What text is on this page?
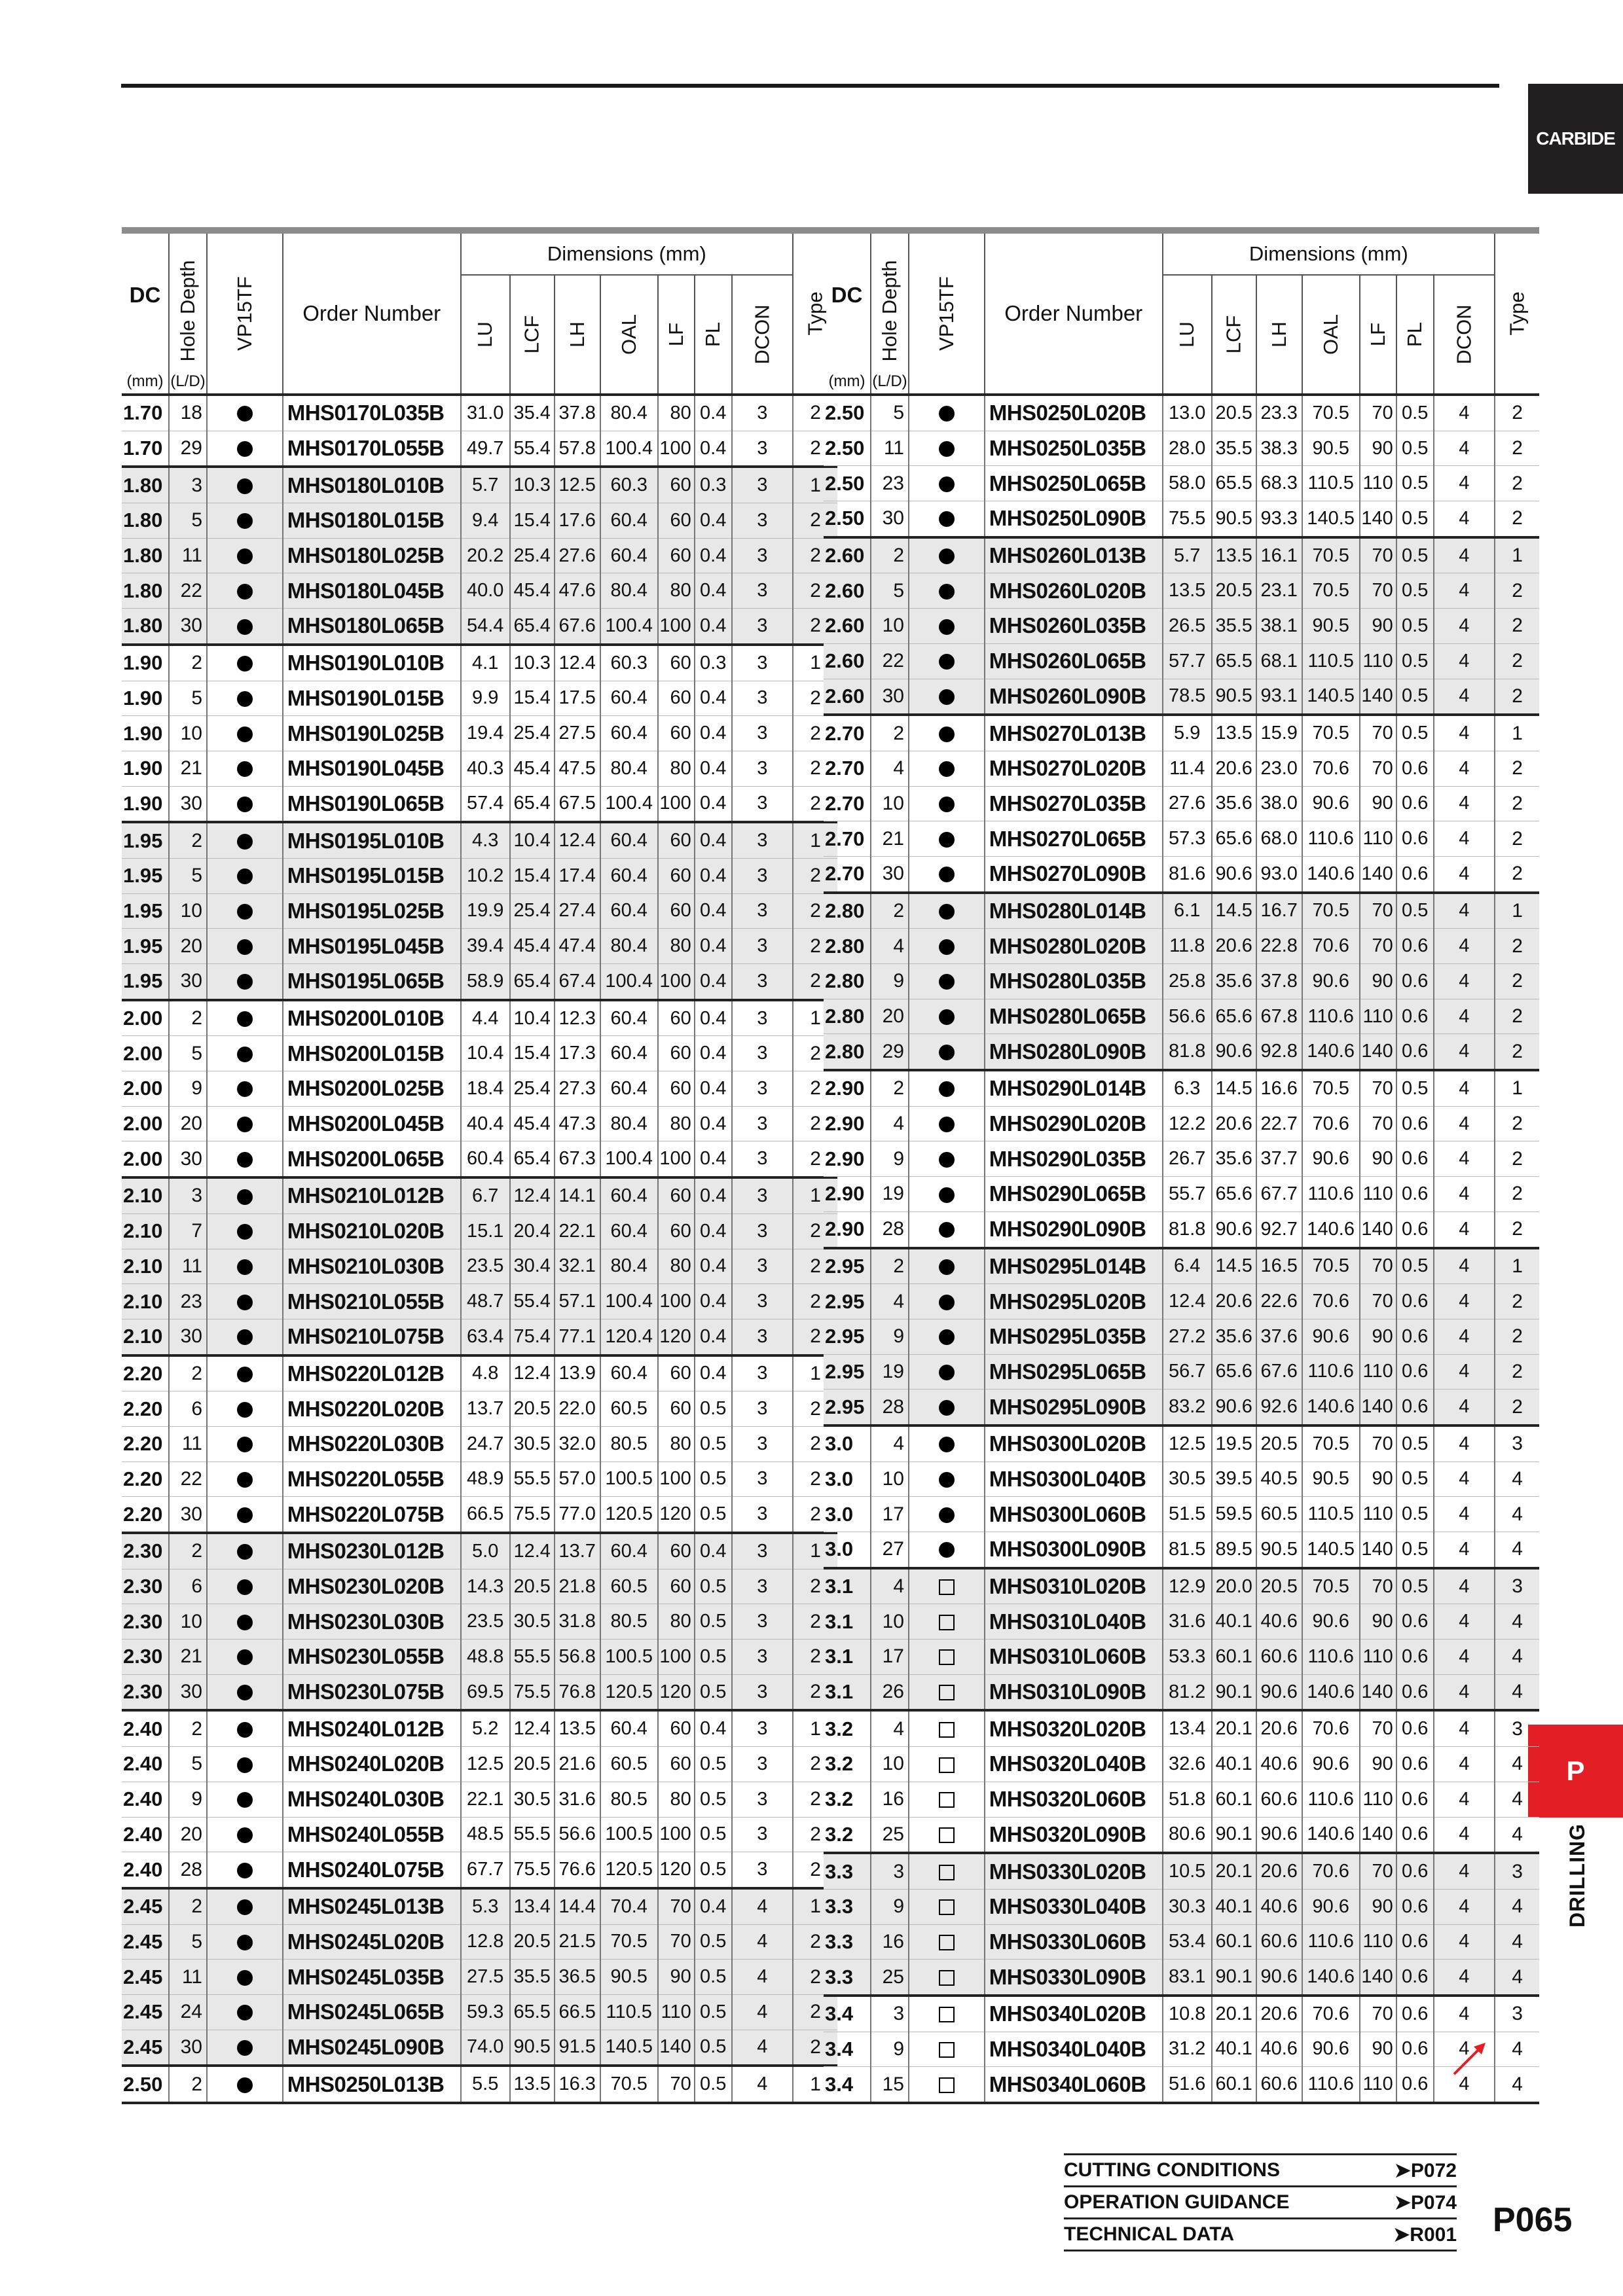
CARBIDE
P
DRILLING
DC
(mm)	Hole Depth
(L/D)	VP15TF	Order Number	Dimensions (mm)							Type
				LU	LCF	LH	OAL	LF	PL	DCON	
1.70	18		MHS0170L035B	31.0	35.4	37.8	80.4	80	0.4	3	2
1.70	29		MHS0170L055B	49.7	55.4	57.8	100.4	100	0.4	3	2
1.80	3		MHS0180L010B	5.7	10.3	12.5	60.3	60	0.3	3	1
1.80	5		MHS0180L015B	9.4	15.4	17.6	60.4	60	0.4	3	2
1.80	11		MHS0180L025B	20.2	25.4	27.6	60.4	60	0.4	3	2
1.80	22		MHS0180L045B	40.0	45.4	47.6	80.4	80	0.4	3	2
1.80	30		MHS0180L065B	54.4	65.4	67.6	100.4	100	0.4	3	2
1.90	2		MHS0190L010B	4.1	10.3	12.4	60.3	60	0.3	3	1
1.90	5		MHS0190L015B	9.9	15.4	17.5	60.4	60	0.4	3	2
1.90	10		MHS0190L025B	19.4	25.4	27.5	60.4	60	0.4	3	2
1.90	21		MHS0190L045B	40.3	45.4	47.5	80.4	80	0.4	3	2
1.90	30		MHS0190L065B	57.4	65.4	67.5	100.4	100	0.4	3	2
1.95	2		MHS0195L010B	4.3	10.4	12.4	60.4	60	0.4	3	1
1.95	5		MHS0195L015B	10.2	15.4	17.4	60.4	60	0.4	3	2
1.95	10		MHS0195L025B	19.9	25.4	27.4	60.4	60	0.4	3	2
1.95	20		MHS0195L045B	39.4	45.4	47.4	80.4	80	0.4	3	2
1.95	30		MHS0195L065B	58.9	65.4	67.4	100.4	100	0.4	3	2
2.00	2		MHS0200L010B	4.4	10.4	12.3	60.4	60	0.4	3	1
2.00	5		MHS0200L015B	10.4	15.4	17.3	60.4	60	0.4	3	2
2.00	9		MHS0200L025B	18.4	25.4	27.3	60.4	60	0.4	3	2
2.00	20		MHS0200L045B	40.4	45.4	47.3	80.4	80	0.4	3	2
2.00	30		MHS0200L065B	60.4	65.4	67.3	100.4	100	0.4	3	2
2.10	3		MHS0210L012B	6.7	12.4	14.1	60.4	60	0.4	3	1
2.10	7		MHS0210L020B	15.1	20.4	22.1	60.4	60	0.4	3	2
2.10	11		MHS0210L030B	23.5	30.4	32.1	80.4	80	0.4	3	2
2.10	23		MHS0210L055B	48.7	55.4	57.1	100.4	100	0.4	3	2
2.10	30		MHS0210L075B	63.4	75.4	77.1	120.4	120	0.4	3	2
2.20	2		MHS0220L012B	4.8	12.4	13.9	60.4	60	0.4	3	1
2.20	6		MHS0220L020B	13.7	20.5	22.0	60.5	60	0.5	3	2
2.20	11		MHS0220L030B	24.7	30.5	32.0	80.5	80	0.5	3	2
2.20	22		MHS0220L055B	48.9	55.5	57.0	100.5	100	0.5	3	2
2.20	30		MHS0220L075B	66.5	75.5	77.0	120.5	120	0.5	3	2
2.30	2		MHS0230L012B	5.0	12.4	13.7	60.4	60	0.4	3	1
2.30	6		MHS0230L020B	14.3	20.5	21.8	60.5	60	0.5	3	2
2.30	10		MHS0230L030B	23.5	30.5	31.8	80.5	80	0.5	3	2
2.30	21		MHS0230L055B	48.8	55.5	56.8	100.5	100	0.5	3	2
2.30	30		MHS0230L075B	69.5	75.5	76.8	120.5	120	0.5	3	2
2.40	2		MHS0240L012B	5.2	12.4	13.5	60.4	60	0.4	3	1
2.40	5		MHS0240L020B	12.5	20.5	21.6	60.5	60	0.5	3	2
2.40	9		MHS0240L030B	22.1	30.5	31.6	80.5	80	0.5	3	2
2.40	20		MHS0240L055B	48.5	55.5	56.6	100.5	100	0.5	3	2
2.40	28		MHS0240L075B	67.7	75.5	76.6	120.5	120	0.5	3	2
2.45	2		MHS0245L013B	5.3	13.4	14.4	70.4	70	0.4	4	1
2.45	5		MHS0245L020B	12.8	20.5	21.5	70.5	70	0.5	4	2
2.45	11		MHS0245L035B	27.5	35.5	36.5	90.5	90	0.5	4	2
2.45	24		MHS0245L065B	59.3	65.5	66.5	110.5	110	0.5	4	2
2.45	30		MHS0245L090B	74.0	90.5	91.5	140.5	140	0.5	4	2
2.50	2		MHS0250L013B	5.5	13.5	16.3	70.5	70	0.5	4	1
DC
(mm)	Hole Depth
(L/D)	VP15TF	Order Number	Dimensions (mm)							Type
				LU	LCF	LH	OAL	LF	PL	DCON	
2.50	5		MHS0250L020B	13.0	20.5	23.3	70.5	70	0.5	4	2
2.50	11		MHS0250L035B	28.0	35.5	38.3	90.5	90	0.5	4	2
2.50	23		MHS0250L065B	58.0	65.5	68.3	110.5	110	0.5	4	2
2.50	30		MHS0250L090B	75.5	90.5	93.3	140.5	140	0.5	4	2
2.60	2		MHS0260L013B	5.7	13.5	16.1	70.5	70	0.5	4	1
2.60	5		MHS0260L020B	13.5	20.5	23.1	70.5	70	0.5	4	2
2.60	10		MHS0260L035B	26.5	35.5	38.1	90.5	90	0.5	4	2
2.60	22		MHS0260L065B	57.7	65.5	68.1	110.5	110	0.5	4	2
2.60	30		MHS0260L090B	78.5	90.5	93.1	140.5	140	0.5	4	2
2.70	2		MHS0270L013B	5.9	13.5	15.9	70.5	70	0.5	4	1
2.70	4		MHS0270L020B	11.4	20.6	23.0	70.6	70	0.6	4	2
2.70	10		MHS0270L035B	27.6	35.6	38.0	90.6	90	0.6	4	2
2.70	21		MHS0270L065B	57.3	65.6	68.0	110.6	110	0.6	4	2
2.70	30		MHS0270L090B	81.6	90.6	93.0	140.6	140	0.6	4	2
2.80	2		MHS0280L014B	6.1	14.5	16.7	70.5	70	0.5	4	1
2.80	4		MHS0280L020B	11.8	20.6	22.8	70.6	70	0.6	4	2
2.80	9		MHS0280L035B	25.8	35.6	37.8	90.6	90	0.6	4	2
2.80	20		MHS0280L065B	56.6	65.6	67.8	110.6	110	0.6	4	2
2.80	29		MHS0280L090B	81.8	90.6	92.8	140.6	140	0.6	4	2
2.90	2		MHS0290L014B	6.3	14.5	16.6	70.5	70	0.5	4	1
2.90	4		MHS0290L020B	12.2	20.6	22.7	70.6	70	0.6	4	2
2.90	9		MHS0290L035B	26.7	35.6	37.7	90.6	90	0.6	4	2
2.90	19		MHS0290L065B	55.7	65.6	67.7	110.6	110	0.6	4	2
2.90	28		MHS0290L090B	81.8	90.6	92.7	140.6	140	0.6	4	2
2.95	2		MHS0295L014B	6.4	14.5	16.5	70.5	70	0.5	4	1
2.95	4		MHS0295L020B	12.4	20.6	22.6	70.6	70	0.6	4	2
2.95	9		MHS0295L035B	27.2	35.6	37.6	90.6	90	0.6	4	2
2.95	19		MHS0295L065B	56.7	65.6	67.6	110.6	110	0.6	4	2
2.95	28		MHS0295L090B	83.2	90.6	92.6	140.6	140	0.6	4	2
3.0	4		MHS0300L020B	12.5	19.5	20.5	70.5	70	0.5	4	3
3.0	10		MHS0300L040B	30.5	39.5	40.5	90.5	90	0.5	4	4
3.0	17		MHS0300L060B	51.5	59.5	60.5	110.5	110	0.5	4	4
3.0	27		MHS0300L090B	81.5	89.5	90.5	140.5	140	0.5	4	4
3.1	4		MHS0310L020B	12.9	20.0	20.5	70.5	70	0.5	4	3
3.1	10		MHS0310L040B	31.6	40.1	40.6	90.6	90	0.6	4	4
3.1	17		MHS0310L060B	53.3	60.1	60.6	110.6	110	0.6	4	4
3.1	26		MHS0310L090B	81.2	90.1	90.6	140.6	140	0.6	4	4
3.2	4		MHS0320L020B	13.4	20.1	20.6	70.6	70	0.6	4	3
3.2	10		MHS0320L040B	32.6	40.1	40.6	90.6	90	0.6	4	4
3.2	16		MHS0320L060B	51.8	60.1	60.6	110.6	110	0.6	4	4
3.2	25		MHS0320L090B	80.6	90.1	90.6	140.6	140	0.6	4	4
3.3	3		MHS0330L020B	10.5	20.1	20.6	70.6	70	0.6	4	3
3.3	9		MHS0330L040B	30.3	40.1	40.6	90.6	90	0.6	4	4
3.3	16		MHS0330L060B	53.4	60.1	60.6	110.6	110	0.6	4	4
3.3	25		MHS0330L090B	83.1	90.1	90.6	140.6	140	0.6	4	4
3.4	3		MHS0340L020B	10.8	20.1	20.6	70.6	70	0.6	4	3
3.4	9		MHS0340L040B	31.2	40.1	40.6	90.6	90	0.6	4	4
3.4	15		MHS0340L060B	51.6	60.1	60.6	110.6	110	0.6	4	4
CUTTING CONDITIONS	➤P072
OPERATION GUIDANCE	➤P074
TECHNICAL DATA	➤R001 P065
